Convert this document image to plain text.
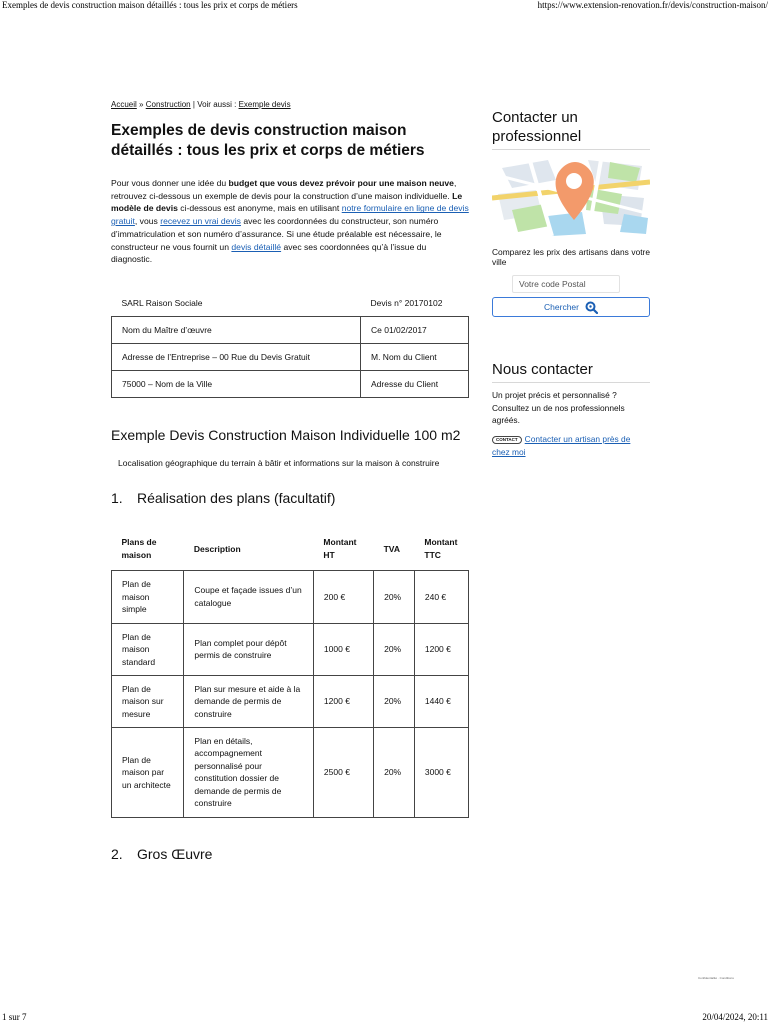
Exemples de devis construction maison détaillés : tous les prix et corps de métiers	https://www.extension-renovation.fr/devis/construction-maison/
Accueil » Construction | Voir aussi : Exemple devis
Exemples de devis construction maison détaillés : tous les prix et corps de métiers

Pour vous donner une idée du budget que vous devez prévoir pour une maison neuve, retrouvez ci-dessous un exemple de devis pour la construction d’une maison individuelle. Le modèle de devis ci-dessous est anonyme, mais en utilisant notre formulaire en ligne de devis gratuit, vous recevez un vrai devis avec les coordonnées du constructeur, son numéro d’immatriculation et son numéro d’assurance. Si une étude préalable est nécessaire, le constructeur ne vous fournit un devis détaillé avec ses coordonnées qu’à l’issue du diagnostic.

SARL Raison Sociale	Devis n° 20170102
Nom du Maître d’œuvre	Ce 01/02/2017
Adresse de l’Entreprise – 00 Rue du Devis Gratuit	M. Nom du Client
75000 – Nom de la Ville	Adresse du Client
Exemple Devis Construction Maison Individuelle 100 m2
Localisation géographique du terrain à bâtir et informations sur la maison à construire
1. Réalisation des plans (facultatif)
Plans de maison	Description	Montant HT	TVA	Montant TTC
Plan de maison simple	Coupe et façade issues d’un catalogue	200 €	20%	240 €
Plan de maison standard	Plan complet pour dépôt permis de construire	1000 €	20%	1200 €
Plan de maison sur mesure	Plan sur mesure et aide à la demande de permis de construire	1200 €	20%	1440 €
Plan de maison par un architecte	Plan en détails, accompagnement personnalisé pour constitution dossier de demande de permis de construire	2500 €	20%	3000 €
2. Gros Œuvre
Contacter un professionnel
Comparez les prix des artisans dans votre ville
Votre code Postal
Chercher
Nous contacter

Un projet précis et personnalisé ? Consultez un de nos professionnels agréés.

CONTACT Contacter un artisan près de chez moi
Confidentialité · Conditions
1 sur 7	20/04/2024, 20:11
